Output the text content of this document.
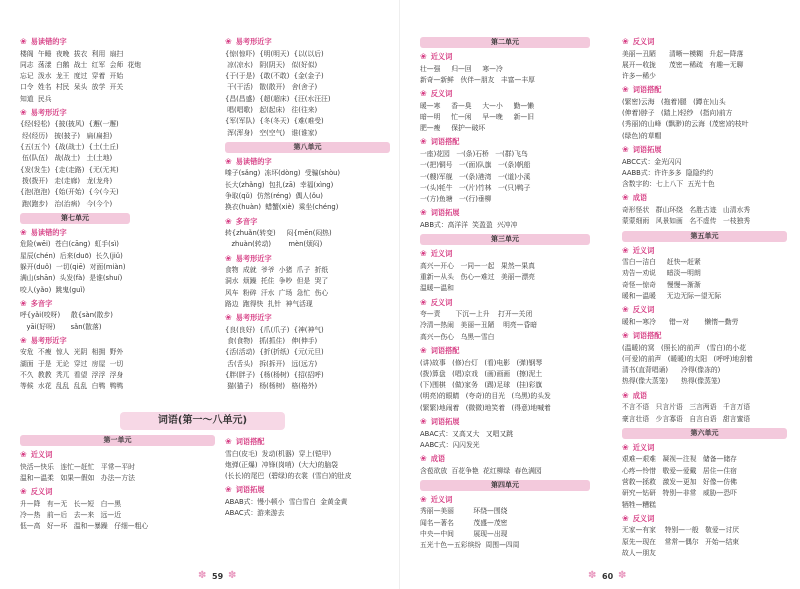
❀ 易读错的字
楼阁  午睡  夜晚  拔衣  利用  扇扫
同志  荡漾  白鹅  战士  红军  会师  花炮
忘记  泼水  龙王  度过  穿着  开始
口令  姓名  村民  呆头  放学  开关
知道  民兵
❀ 易考形近字
{经(轻松)  {披(披风)  {邂(一邂)
经(经历)   披(披子)   扁(扁担)
{五(五个)  {战(战士)  {土(土丘)
伍(队伍)   战(战士)   土(土地)
{发(发生)  {走(走路)  {无(无其)
拨(拨开)   走(走廊)   龙(龙舟)
{泡(泡泡)  {始(开始)  {今(今天)
跑(跑步)   治(治病)   今(今个)
第七单元
❀ 易读错的字
危险(wēi)  苍白(cāng)  虹手(sì)
星辰(chén)  后来(duō)  长久(jiǔ)
躲开(duǒ)  一切(qiē)  对面(miàn)
满山(shān)  头发(fà)  是谁(shuí)
咬人(yǎo)  跳鬼(guǐ)
❀ 多音字
呼{yǎi(咬呀)     散{sàn(散步)
yāi(好呀)       sǎn(散落)
❀ 易考形近字
安危  不瘦  惊人  光阴  相拥  野外
湖面  于是  无论  穿过  房屋  一切
不久  教教  秃兀  看望  浮浮  浮身
等候  水花  乱乱  乱乱  白鸭  鸭鸭
❀ 易考形近字
{惊(惊吓)  {明(明天)  {以(以后)
凉(凉水)   阴(阴天)   似(好似)
{于(于是)  {敢(不敢)  {金(金子)
干(干活)   散(散开)   舍(舍子)
{昌(昌盛)  {超(超床)  {汪(水汪汪)
唱(唱歌)   起(起床)   往(往来)
{军(军队)  {冬(冬天)  {难(难受)
浑(浑身)   空(空气)   谁(谁家)
第八单元
❀ 易读错的字
嗪子(sǎng)  冻坏(dòng)  受骗(shòu)
长大(zhǎng)  包扎(zā)  幸福(xìng)
争取(qǔ)  仿然(réng)  偶人(ǒu)
换衣(huàn)  蜡蟹(xiè)  乘坐(chéng)
❀ 多音字
转{zhuǎn(转变)     闷{mēn(闷热)
zhuàn(转动)        mèn(烦闷)
❀ 易考形近字
食物  成就  爷爷  小猪  爪子  折纸
洞水  烦躁  托住  争吵  但是  哭了
风车  粉碎  汗水  广场  急忙  伤心
路边  跑得快  扎针  神气活现
❀ 易考形近字
{良(良好)  {爪(爪子)  {神(神气)
食(食物)   抓(抓住)   伸(伸手)
{活(活动)  {折(折纸)  {元(元旦)
舌(舌头)   拆(拆开)   远(远方)
{胖(胖子)  {杨(杨树)  {招(招呼)
猫(猫子)   杨(杨树)   格(格外)
词语(第一～八单元)
第一单元
❀ 近义词
快活—快乐   连忙—赶忙   平常—平时
温和—温柔   如果—假如   办法—方法
❀ 反义词
升—降   有—无   长—短   白—黑
冷—热   前—后   去—来   远—近
低—高   好—坏   温和—暴躁   仔细—粗心
❀ 词语搭配
雪白(皮毛)  发动(机器)  穿上(铠甲)
炮弹(正爆)  冲锋(岗哨)  (大大)的脑袋
(长长)的尾巴  (碧绿)的衣裳  (雪白)的肚皮
❀ 词语拓展
ABAB式：慢小顿小  雪白雪白  金黄金黄
ABAC式：游来游去
✽ 59 ✽
第二单元
❀ 近义词
壮—强     归—回     寒—冷
新奇—新鲜   伙伴—朋友   丰富—丰厚
❀ 反义词
暖—寒     香—臭     大—小     勤—懒
暗—明     忙—闲     早—晚     新—旧
肥—瘦     保护—破坏
❀ 词语搭配
一座)花园   一(条)石桥   一(群)飞鸟
一(把)铜号   一(面)队旗   一(条)帆船
一(艘)军舰   一(条)港湾   一(道)小溪
一(头)牦牛   一(片)竹林   一(只)鸭子
一(方)鱼塘   一(行)垂柳
❀ 词语拓展
ABB式：高洋洋  笑盈盈  兴冲冲
第三单元
❀ 近义词
高兴—开心   一同—一起   果然—果真
重新—从头   伤心—难过   美丽—漂亮
温暖—温和
❀ 反义词
夸—责       下沉—上升    打开—关闭
冷清—热闹   美丽—丑陋    明亮—昏暗
高兴—伤心   乌黑—雪白
❀ 词语搭配
(讲)故事   (修)台灯   (看)电影   (弹)钢琴
(拨)算盘   (唱)京戏   (画)画画   (擦)泥土
(下)围棋   (做)家务   (踢)足球   (挂)彩旗
(明亮)的眼睛   (夸奇)的目光   (乌黑)的头发
(繁繁)地闹着   (微微)地笑着   (得意)地喊着
❀ 词语拓展
ABAC式：又高又大   又唱又跳
AABC式：闪闪发光
❀ 成语
含苞欲放  百花争艳  花红柳绿  春色满园
第四单元
❀ 近义词
秀丽—美丽         环绕—围绕
闻名—著名         茂盛—茂密
中央—中间         展现—出现
五光十色—五彩缤纷  周围—四周
❀ 反义词
美丽—丑陋      清晰—模糊   升起—降落
展开—收拢      茂密—稀疏   有趣—无聊
许多—稀少
❀ 词语搭配
(繁密)云海   (拖着)腿   (蹲在)山头
(伸着)脖子   (踏上)轻纱   (指向)前方
(秀丽)的山峰  (飘渺)的云海  (茂密)的枝叶
(绿色)的草帽
❀ 词语拓展
ABCC式：金光闪闪
AABB式：许许多多  隐隐约约
含数字的：七上八下  五光十色
❀ 成语
奇形怪状   群山环绕   名胜古迹   山清水秀
蒙蒙细雨   风景如画   名不虚传   一枝独秀
第五单元
❀ 近义词
雪白—洁白     赶快—赶紧
劝告—劝说     暗淡—明朗
奇怪—惊奇     慢慢—渐渐
暖和—温暖     无边无际—望无际
❀ 反义词
暖和—寒冷      错—对       懒惰—勤劳
❀ 词语搭配
(温暖)的窝   (照长)的前声   (雪白)的小花
(可爱)的前声   (暖暖)的太阳   (呼呼)地刮着
清书(直背唱诵)      冷得(像冻的)
热得(像大蒸笼)      热得(像蒸笼)
❀ 成语
不言不语   只言片语   三言两语   千言万语
豪言壮语   少言寡语   自言自语   甜言蜜语
第六单元
❀ 近义词
艰难—艰难   凝视—注视   储备—储存
心疼—怜惜   敬爱—爱戴   居住—住宿
营救—拯救   激发—更加   好像—仿佛
研究—钻研   特别—非常   威胁—恐吓
牺牲—糟糕
❀ 反义词
无家—有家    特别—一般   敬爱—讨厌
原先—现在    常常—偶尔   开始—结束
故人—朋友
✽ 60 ✽
